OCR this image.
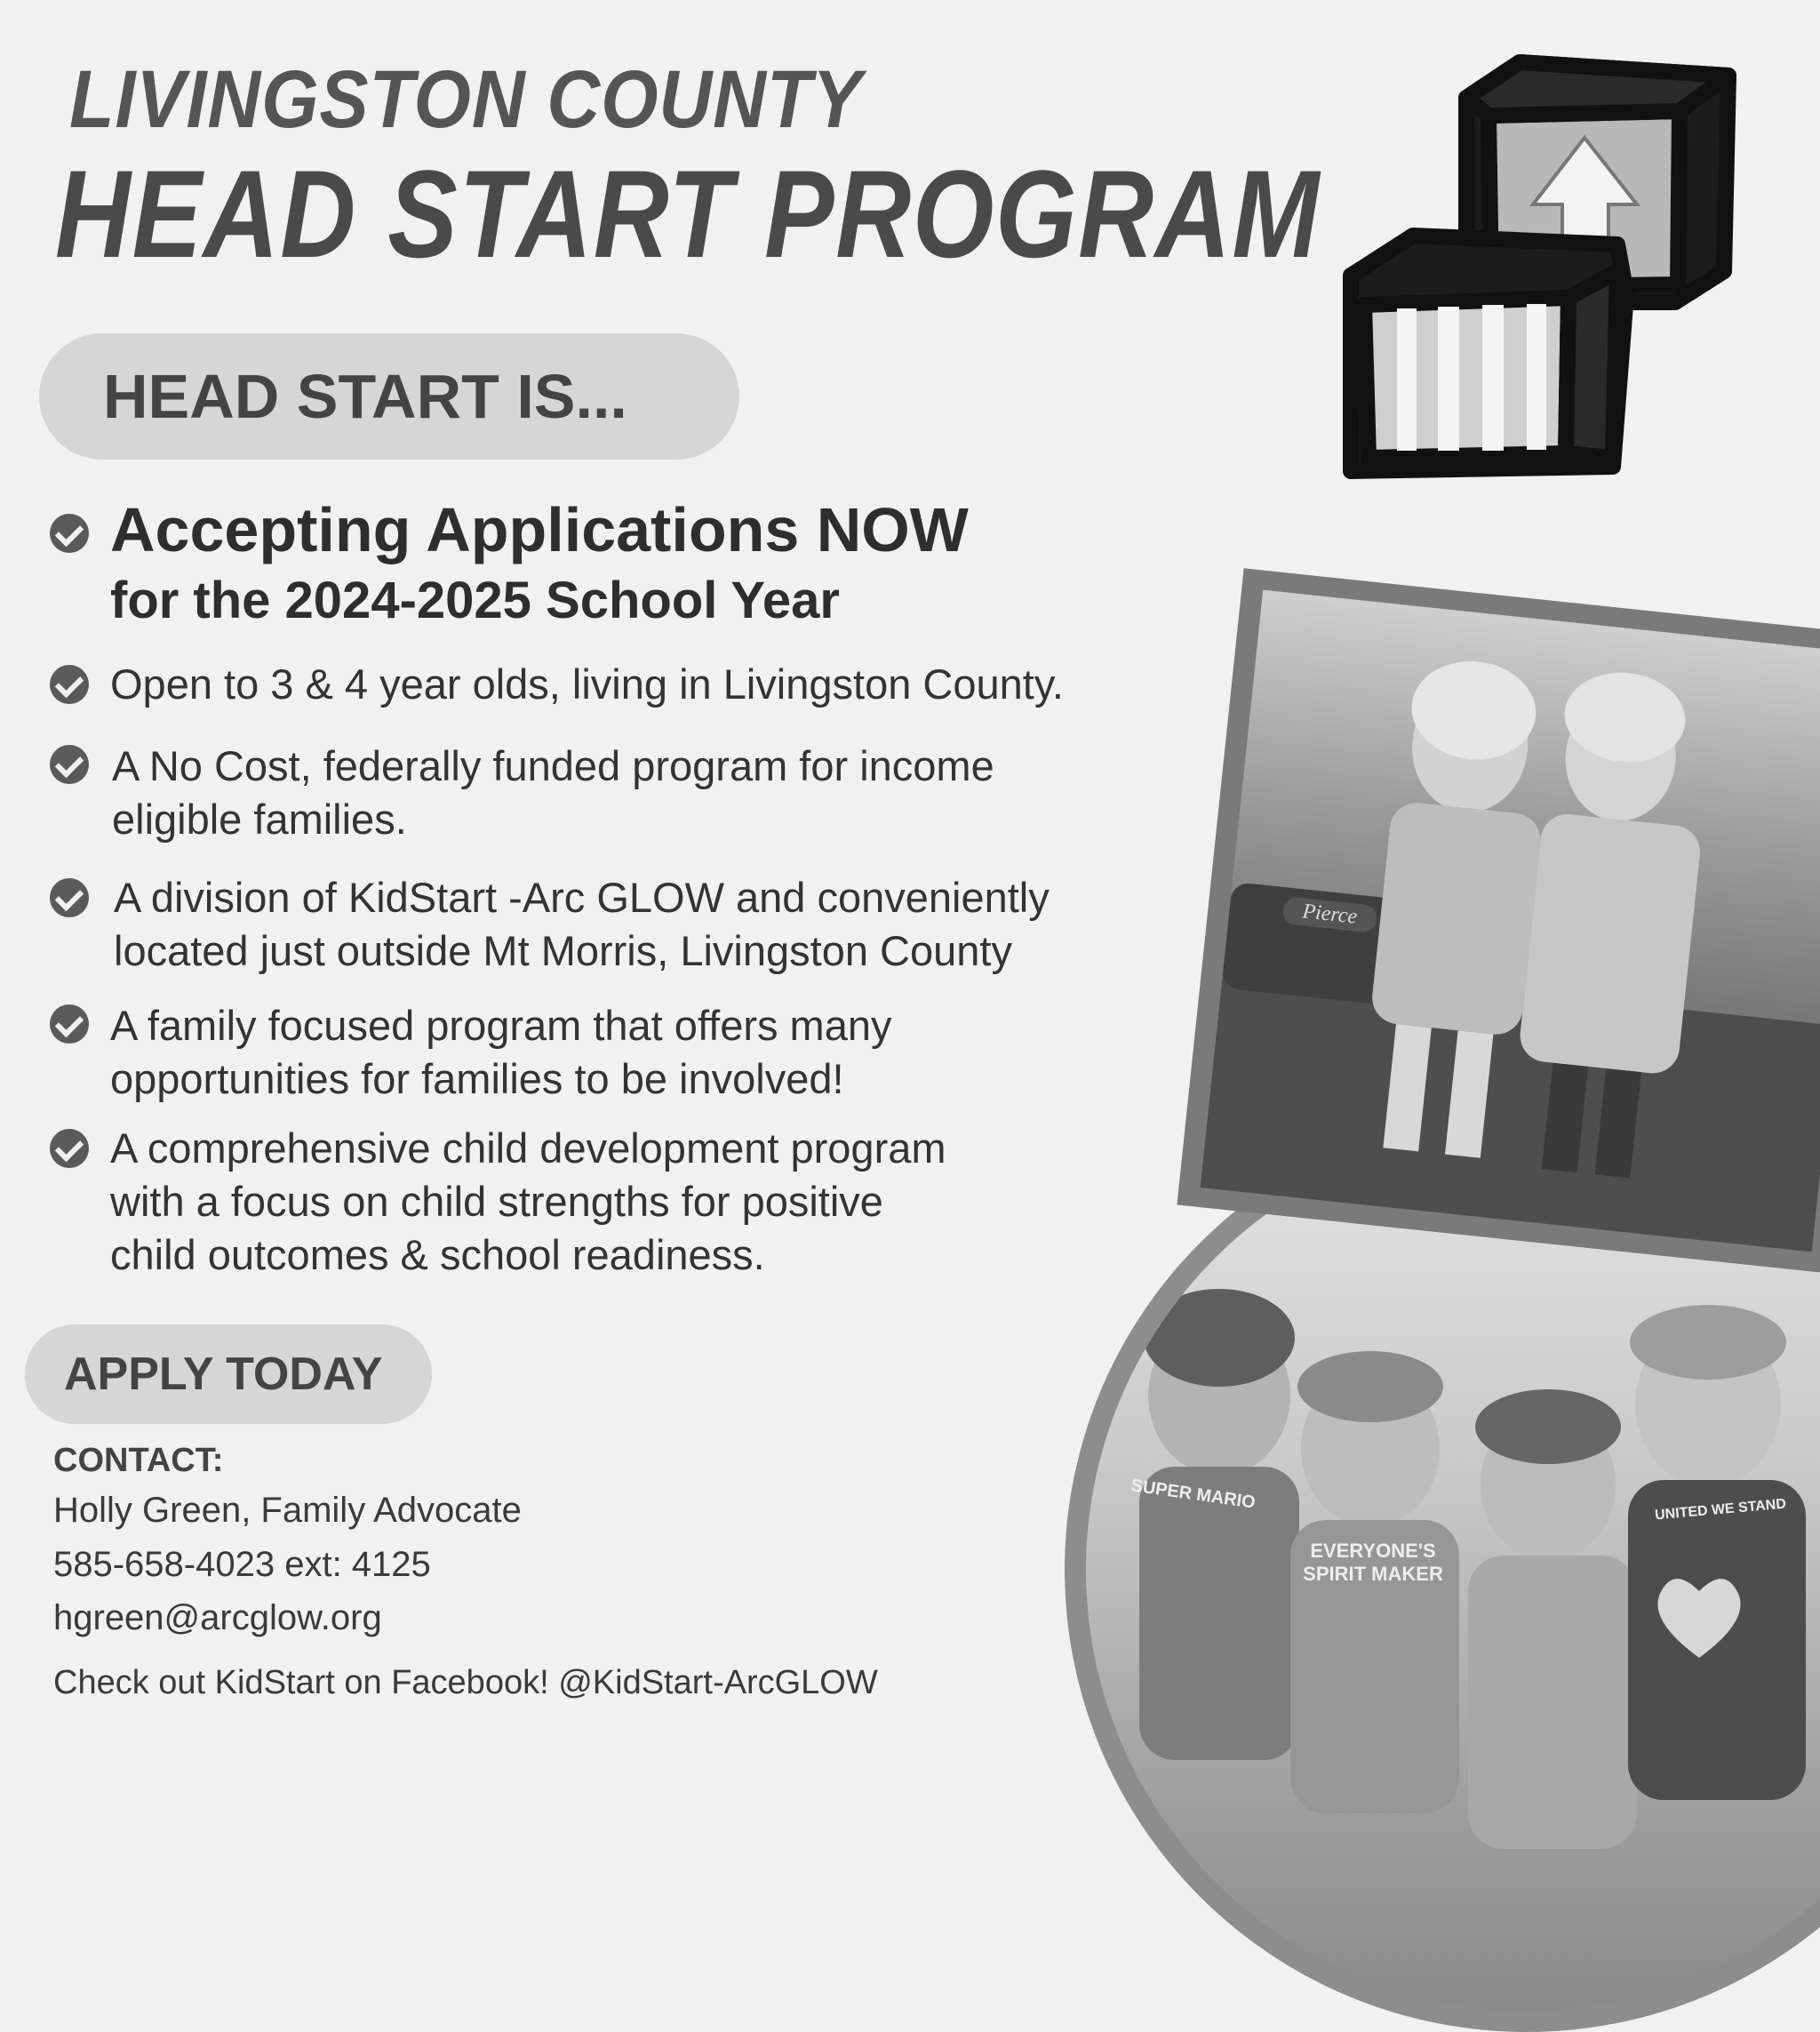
LIVINGSTON COUNTY
HEAD START PROGRAM
HEAD START IS...
Accepting Applications NOW
for the 2024-2025 School Year
Open to 3 & 4 year olds, living in Livingston County.
A No Cost, federally funded program for income
eligible families.
A division of KidStart -Arc GLOW and conveniently
located just outside Mt Morris, Livingston County
A family focused program that offers many
opportunities for families to be involved!
A comprehensive child development program
with a focus on child strengths for positive
child outcomes & school readiness.
APPLY TODAY
CONTACT:
Holly Green, Family Advocate
585-658-4023 ext: 4125
hgreen@arcglow.org
Check out KidStart on Facebook! @KidStart-ArcGLOW
SUPER MARIO
EVERYONE'S SPIRIT MAKER
UNITED WE STAND
Pierce
